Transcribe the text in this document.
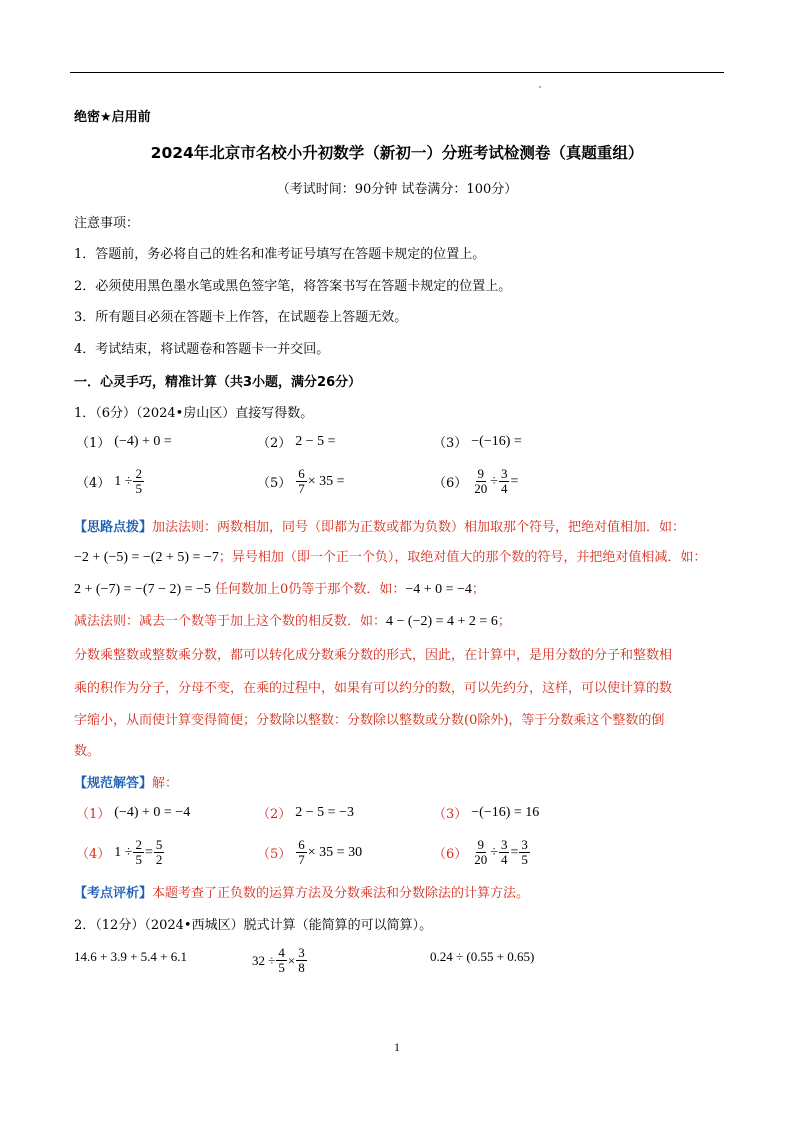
绝密★启用前
2024年北京市名校小升初数学（新初一）分班考试检测卷（真题重组）
（考试时间：90分钟 试卷满分：100分）
注意事项：
1．答题前，务必将自己的姓名和准考证号填写在答题卡规定的位置上。
2．必须使用黑色墨水笔或黑色签字笔，将答案书写在答题卡规定的位置上。
3．所有题目必须在答题卡上作答，在试题卷上答题无效。
4．考试结束，将试题卷和答题卡一并交回。
一．心灵手巧，精准计算（共3小题，满分26分）
1．（6分）（2024•房山区）直接写得数。
（1） (−4) + 0 =	（2） 2 − 5 =	（3） −(−16) =
（4） $1 \div \frac{2}{5}$	$(5) \frac{6}{7} \times 35$ =	$(6) \frac{9}{20} \div \frac{3}{4}$ =
【思路点拨】加法法则：两数相加，同号（即都为正数或都为负数）相加取那个符号，把绝对值相加．如：
−2 + (−5) = −(2 + 5) = −7；异号相加（即一个正一个负），取绝对值大的那个数的符号，并把绝对值相减．如：
2 + (−7) = −(7 − 2) = −5 任何数加上0仍等于那个数．如：−4 + 0 = −4；
减法法则：减去一个数等于加上这个数的相反数．如：4 − (−2) = 4 + 2 = 6；
分数乘整数或整数乘分数，都可以转化成分数乘分数的形式，因此，在计算中，是用分数的分子和整数相
乘的积作为分子，分母不变，在乘的过程中，如果有可以约分的数，可以先约分，这样，可以使计算的数
字缩小，从而使计算变得简便；分数除以整数：分数除以整数或分数(0除外)，等于分数乘这个整数的倒
数。
【规范解答】解：
（1） (−4) + 0 = −4	（2） 2 − 5 = −3	（3） −(−16) = 16
（4） $1 \div \frac{2}{5} = \frac{5}{2}$	$(5) \frac{6}{7} \times 35 = 30$	$(6) \frac{9}{20} \div \frac{3}{4} = \frac{3}{5}$
【考点评析】本题考查了正负数的运算方法及分数乘法和分数除法的计算方法。
2．（12分）（2024•西城区）脱式计算（能简算的可以简算）。
14.6 + 3.9 + 5.4 + 6.1	$32 \div \frac{4}{5} \times \frac{3}{8}$	0.24 ÷ (0.55 + 0.65)
1
